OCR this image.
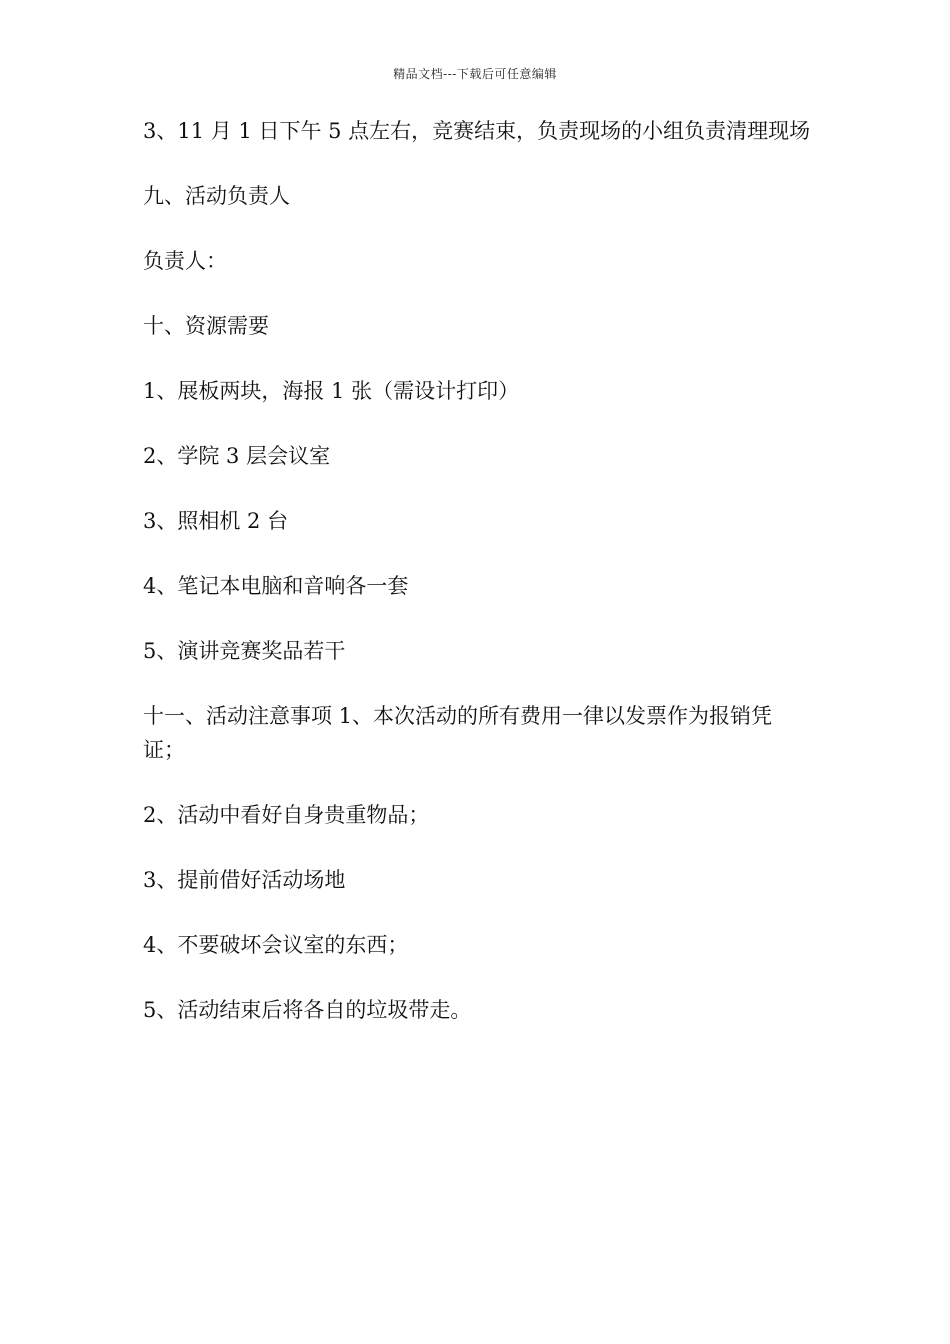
精品文档---下载后可任意编辑

3、11 月 1 日下午 5 点左右，竞赛结束，负责现场的小组负责清理现场

九、活动负责人

负责人：

十、资源需要

1、展板两块，海报 1 张（需设计打印）

2、学院 3 层会议室

3、照相机 2 台

4、笔记本电脑和音响各一套

5、演讲竞赛奖品若干

十一、活动注意事项 1、本次活动的所有费用一律以发票作为报销凭证；

2、活动中看好自身贵重物品；

3、提前借好活动场地

4、不要破坏会议室的东西；

5、活动结束后将各自的垃圾带走。
